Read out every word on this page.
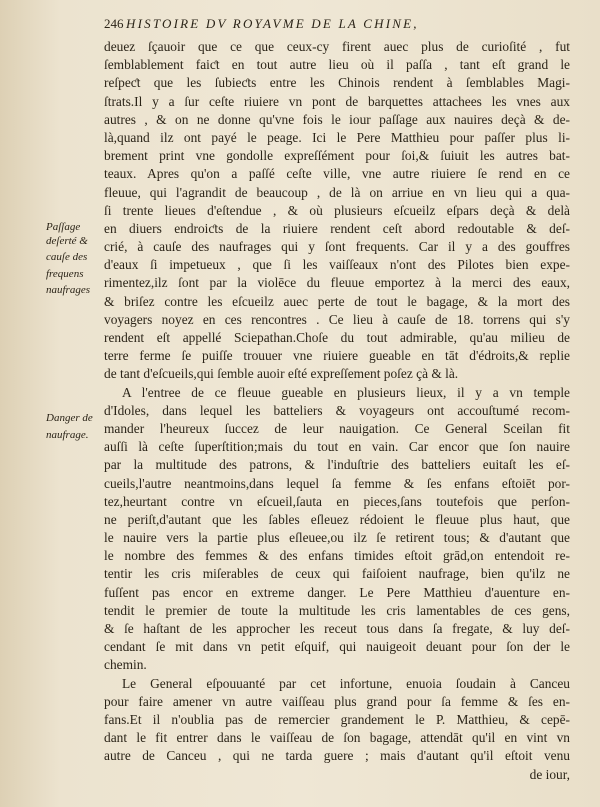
246 HISTOIRE DV ROYAVME DE LA CHINE,
Paſſage
deſerté &
cauſe des
frequens
naufrages
Danger de
naufrage.
deuez ſçauoir que ce que ceux-cy firent auec plus de curioſité , fut
ſemblablement faiƈt en tout autre lieu où il paſſa , tant eſt grand le
reſpeƈt que les ſubieƈts entre les Chinois rendent à ſemblables Magi-
ſtrats.Il y a ſur ceſte riuiere vn pont de barquettes attachees les vnes aux
autres , & on ne donne qu'vne fois le iour paſſage aux nauires deçà & de-
là,quand ilz ont payé le peage. Ici le Pere Matthieu pour paſſer plus li-
brement print vne gondolle expreſſément pour ſoi,& ſuiuit les autres bat-
teaux. Apres qu'on a paſſé ceſte ville, vne autre riuiere ſe rend en ce
fleuue, qui l'agrandit de beaucoup , de là on arriue en vn lieu qui a qua-
ſi trente lieues d'eſtendue , & où plusieurs eſcueilz eſpars deçà & delà
en diuers endroiƈts de la riuiere rendent ceſt abord redoutable & deſ-
crié, à cauſe des naufrages qui y ſont frequents. Car il y a des gouffres
d'eaux ſi impetueux , que ſi les vaiſſeaux n'ont des Pilotes bien expe-
rimentez,ilz ſont par la violēce du fleuue emportez à la merci des eaux,
& briſez contre les eſcueilz auec perte de tout le bagage, & la mort des
voyagers noyez en ces rencontres . Ce lieu à cauſe de 18. torrens qui s'y
rendent eſt appellé Sciepathan.Choſe du tout admirable, qu'au milieu de
terre ferme ſe puiſſe trouuer vne riuiere gueable en tāt d'édroits,& replie
de tant d'eſcueils,qui ſemble auoir eſté expreſſement poſez çà & là.
A l'entree de ce fleuue gueable en plusieurs lieux, il y a vn temple
d'Idoles, dans lequel les batteliers & voyageurs ont accouſtumé recom-
mander l'heureux ſuccez de leur nauigation. Ce General Sceilan fit
auſſi là ceſte ſuperſtition;mais du tout en vain. Car encor que ſon nauire
par la multitude des patrons, & l'induſtrie des batteliers euitaſt les eſ-
cueils,l'autre neantmoins,dans lequel ſa femme & ſes enfans eſtoiēt por-
tez,heurtant contre vn eſcueil,ſauta en pieces,ſans toutefois que perſon-
ne periſt,d'autant que les ſables eſleuez rédoient le fleuue plus haut, que
le nauire vers la partie plus eſleuee,ou ilz ſe retirent tous; & d'autant que
le nombre des femmes & des enfans timides eſtoit grād,on entendoit re-
tentir les cris miſerables de ceux qui faiſoient naufrage, bien qu'ilz ne
fuſſent pas encor en extreme danger. Le Pere Matthieu d'auenture en-
tendit le premier de toute la multitude les cris lamentables de ces gens,
& ſe haſtant de les approcher les receut tous dans ſa fregate, & luy deſ-
cendant ſe mit dans vn petit eſquif, qui nauigeoit deuant pour ſon der le
chemin.
Le General eſpouuanté par cet infortune, enuoia ſoudain à Canceu
pour faire amener vn autre vaiſſeau plus grand pour ſa femme & ſes en-
fans.Et il n'oublia pas de remercier grandement le P. Matthieu, & cepē-
dant le fit entrer dans le vaiſſeau de ſon bagage, attendāt qu'il en vint vn
autre de Canceu , qui ne tarda guere ; mais d'autant qu'il eſtoit venu
de iour,
